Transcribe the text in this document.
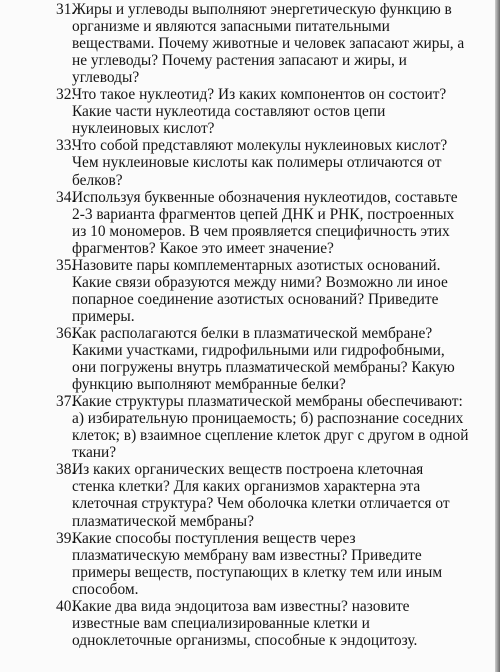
31.
Жиры и углеводы выполняют энергетическую функцию в
организме и являются запасными питательными
веществами. Почему животные и человек запасают жиры, а
не углеводы? Почему растения запасают и жиры, и
углеводы?
32.
Что такое нуклеотид? Из каких компонентов он состоит?
Какие части нуклеотида составляют остов цепи
нуклеиновых кислот?
33.
Что собой представляют молекулы нуклеиновых кислот?
Чем нуклеиновые кислоты как полимеры отличаются от
белков?
34.
Используя буквенные обозначения нуклеотидов, составьте
2-3 варианта фрагментов цепей ДНК и РНК, построенных
из 10 мономеров. В чем проявляется специфичность этих
фрагментов? Какое это имеет значение?
35.
Назовите пары комплементарных азотистых оснований.
Какие связи образуются между ними? Возможно ли иное
попарное соединение азотистых оснований? Приведите
примеры.
36.
Как располагаются белки в плазматической мембране?
Какими участками, гидрофильными или гидрофобными,
они погружены внутрь плазматической мембраны? Какую
функцию выполняют мембранные белки?
37.
Какие структуры плазматической мембраны обеспечивают:
а) избирательную проницаемость; б) распознание соседних
клеток; в) взаимное сцепление клеток друг с другом в одной
ткани?
38.
Из каких органических веществ построена клеточная
стенка клетки? Для каких организмов характерна эта
клеточная структура? Чем оболочка клетки отличается от
плазматической мембраны?
39.
Какие способы поступления веществ через
плазматическую мембрану вам известны? Приведите
примеры веществ, поступающих в клетку тем или иным
способом.
40.
Какие два вида эндоцитоза вам известны? назовите
известные вам специализированные клетки и
одноклеточные организмы, способные к эндоцитозу.
